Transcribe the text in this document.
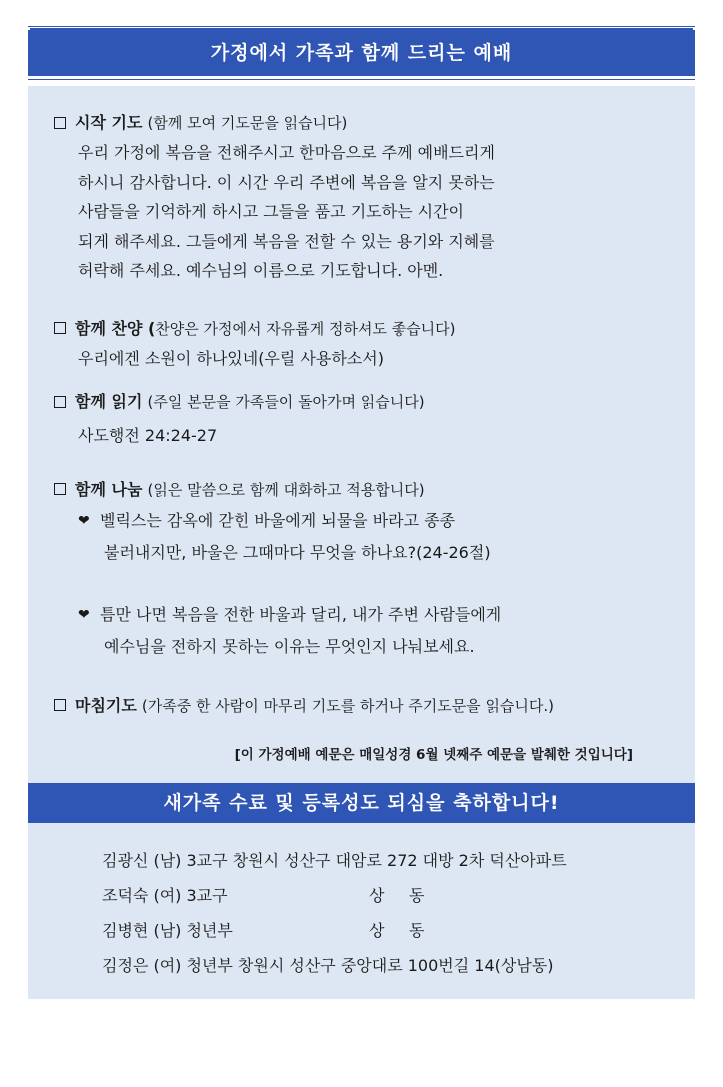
가정에서 가족과 함께 드리는 예배
시작 기도 (함께 모여 기도문을 읽습니다)
우리 가정에 복음을 전해주시고 한마음으로 주께 예배드리게
하시니 감사합니다. 이 시간 우리 주변에 복음을 알지 못하는
사람들을 기억하게 하시고 그들을 품고 기도하는 시간이
되게 해주세요. 그들에게 복음을 전할 수 있는 용기와 지혜를
허락해 주세요. 예수님의 이름으로 기도합니다. 아멘.
함께 찬양 (찬양은 가정에서 자유롭게 정하셔도 좋습니다)
우리에겐 소원이 하나있네(우릴 사용하소서)
함께 읽기 (주일 본문을 가족들이 돌아가며 읽습니다)
사도행전 24:24-27
함께 나눔 (읽은 말씀으로 함께 대화하고 적용합니다)
❤ 벨릭스는 감옥에 갇힌 바울에게 뇌물을 바라고 종종
불러내지만, 바울은 그때마다 무엇을 하나요?(24-26절)
❤ 틈만 나면 복음을 전한 바울과 달리, 내가 주변 사람들에게
예수님을 전하지 못하는 이유는 무엇인지 나눠보세요.
마침기도 (가족중 한 사람이 마무리 기도를 하거나 주기도문을 읽습니다.)
[이 가정예배 예문은 매일성경 6월 넷째주 예문을 발췌한 것입니다]
새가족 수료 및 등록성도 되심을 축하합니다!
김광신 (남) 3교구 창원시 성산구 대암로 272 대방 2차 덕산아파트
조덕숙 (여) 3교구	상 동
김병현 (남) 청년부	상 동
김정은 (여) 청년부 창원시 성산구 중앙대로 100번길 14(상남동)
